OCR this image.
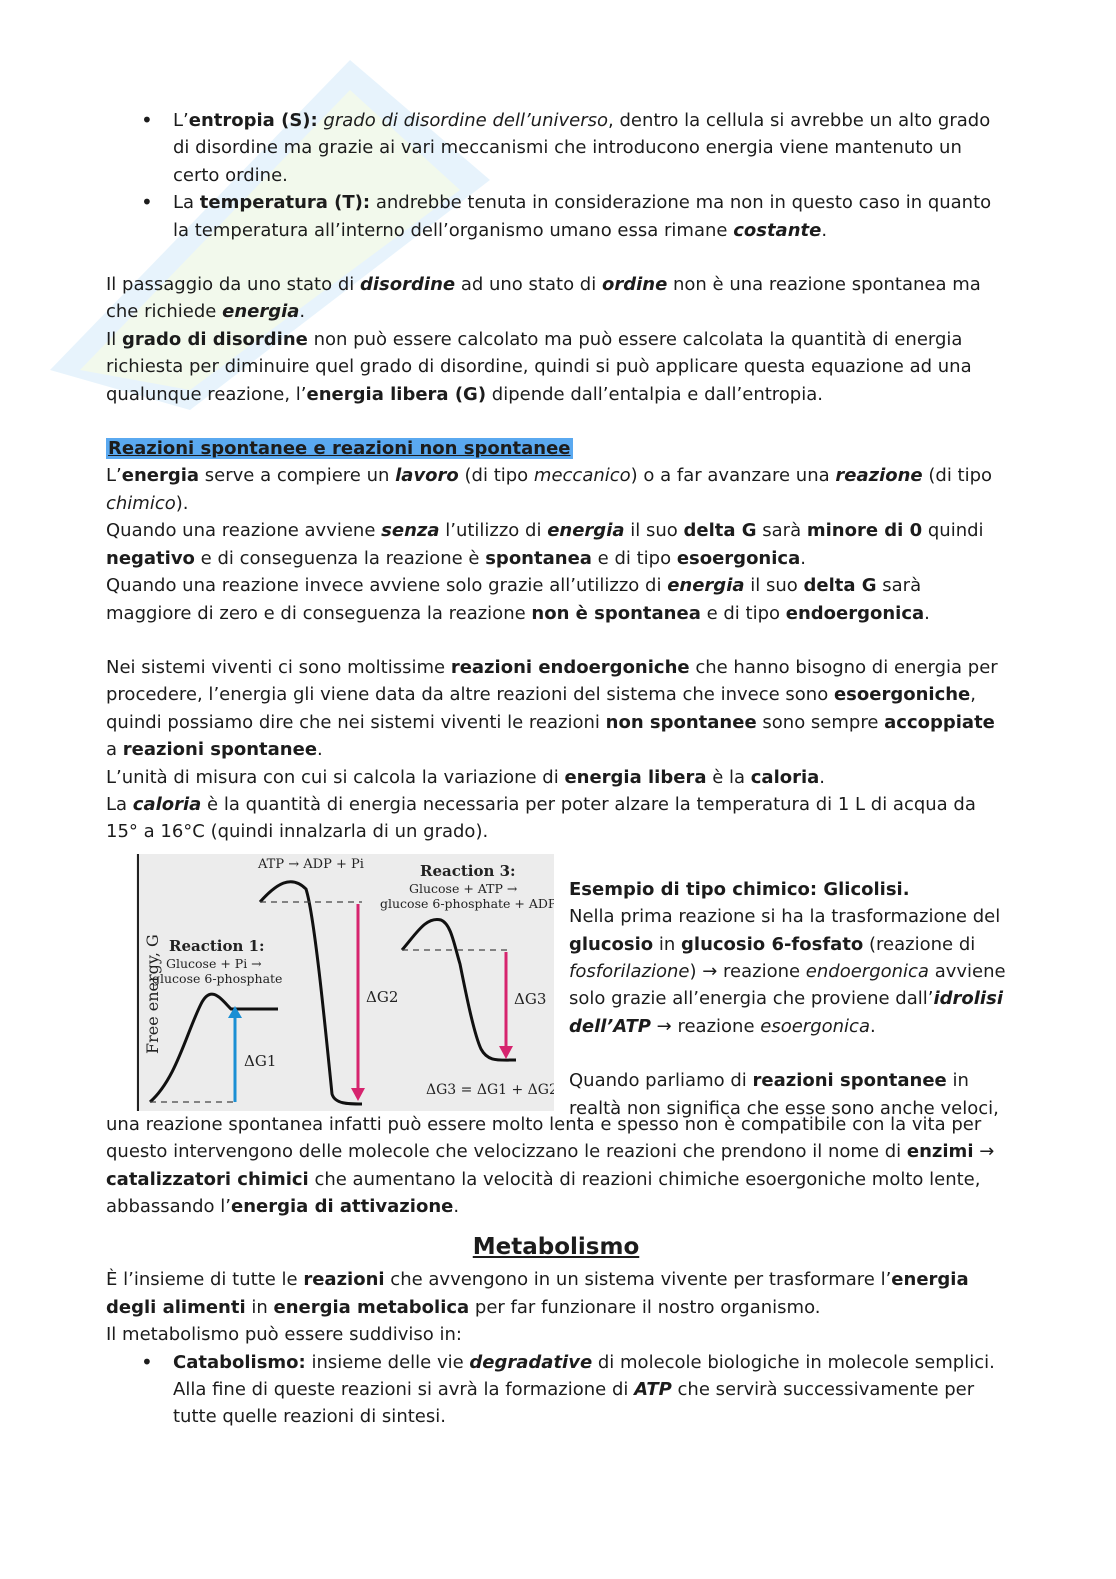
• L’entropia (S): grado di disordine dell’universo, dentro la cellula si avrebbe un alto grado di disordine ma grazie ai vari meccanismi che introducono energia viene mantenuto un certo ordine.
• La temperatura (T): andrebbe tenuta in considerazione ma non in questo caso in quanto la temperatura all’interno dell’organismo umano essa rimane costante.

Il passaggio da uno stato di disordine ad uno stato di ordine non è una reazione spontanea ma che richiede energia.

Il grado di disordine non può essere calcolato ma può essere calcolata la quantità di energia richiesta per diminuire quel grado di disordine, quindi si può applicare questa equazione ad una qualunque reazione, l’energia libera (G) dipende dall’entalpia e dall’entropia.

Reazioni spontanee e reazioni non spontanee

L’energia serve a compiere un lavoro (di tipo meccanico) o a far avanzare una reazione (di tipo chimico).

Quando una reazione avviene senza l’utilizzo di energia il suo delta G sarà minore di 0 quindi negativo e di conseguenza la reazione è spontanea e di tipo esoergonica.

Quando una reazione invece avviene solo grazie all’utilizzo di energia il suo delta G sarà maggiore di zero e di conseguenza la reazione non è spontanea e di tipo endoergonica.

Nei sistemi viventi ci sono moltissime reazioni endoergoniche che hanno bisogno di energia per procedere, l’energia gli viene data da altre reazioni del sistema che invece sono esoergoniche, quindi possiamo dire che nei sistemi viventi le reazioni non spontanee sono sempre accoppiate a reazioni spontanee.

L’unità di misura con cui si calcola la variazione di energia libera è la caloria.

La caloria è la quantità di energia necessaria per poter alzare la temperatura di 1 L di acqua da 15° a 16°C (quindi innalzarla di un grado).

Free energy, G Reaction 1:
Glucose + Pi →
glucose 6-phosphate
ΔG1
ATP → ADP + Pi
ΔG2
Reaction 3:
Glucose + ATP →
glucose 6-phosphate + ADP
ΔG3
ΔG3 = ΔG1 + ΔG2

Esempio di tipo chimico: Glicolisi.

Nella prima reazione si ha la trasformazione del glucosio in glucosio 6-fosfato (reazione di fosforilazione) → reazione endoergonica avviene solo grazie all’energia che proviene dall’idrolisi dell’ATP → reazione esoergonica.

Quando parliamo di reazioni spontanee in realtà non significa che esse sono anche veloci,

una reazione spontanea infatti può essere molto lenta e spesso non è compatibile con la vita per questo intervengono delle molecole che velocizzano le reazioni che prendono il nome di enzimi → catalizzatori chimici che aumentano la velocità di reazioni chimiche esoergoniche molto lente, abbassando l’energia di attivazione.

Metabolismo

È l’insieme di tutte le reazioni che avvengono in un sistema vivente per trasformare l’energia degli alimenti in energia metabolica per far funzionare il nostro organismo.

Il metabolismo può essere suddiviso in:

• Catabolismo: insieme delle vie degradative di molecole biologiche in molecole semplici. Alla fine di queste reazioni si avrà la formazione di ATP che servirà successivamente per tutte quelle reazioni di sintesi.
